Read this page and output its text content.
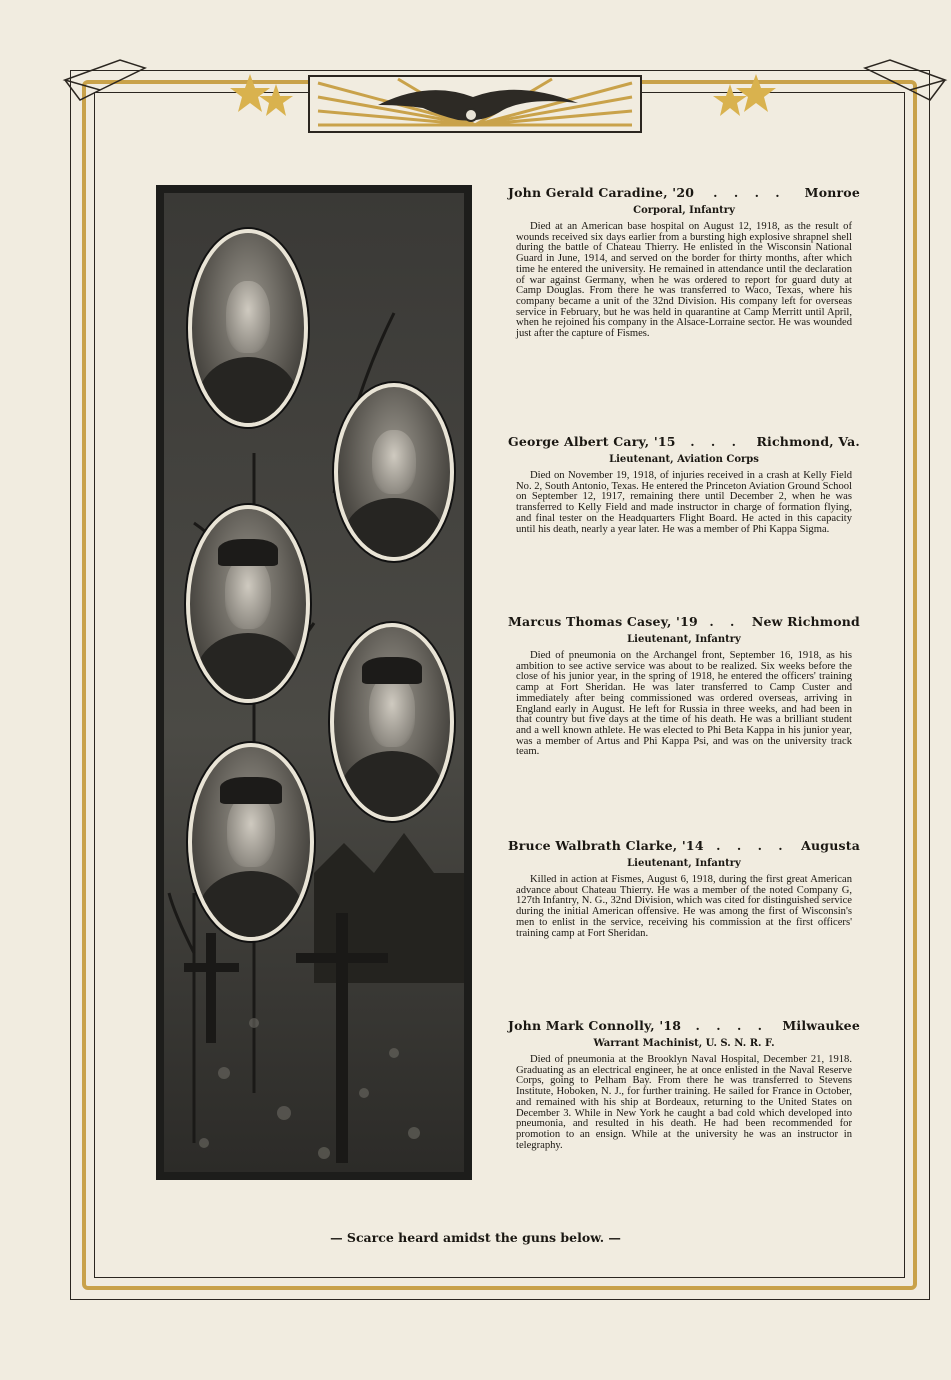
John Gerald Caradine, '20	. . . .	Monroe
Corporal, Infantry
Died at an American base hospital on August 12, 1918, as the result of wounds received six days earlier from a bursting high explosive shrapnel shell during the battle of Chateau Thierry. He enlisted in the Wisconsin National Guard in June, 1914, and served on the border for thirty months, after which time he entered the university. He remained in attendance until the declaration of war against Germany, when he was ordered to report for guard duty at Camp Douglas. From there he was transferred to Waco, Texas, where his company became a unit of the 32nd Division. His company left for overseas service in February, but he was held in quarantine at Camp Merritt until April, when he rejoined his company in the Alsace-Lorraine sector. He was wounded just after the capture of Fismes.
George Albert Cary, '15	. . .	Richmond, Va.
Lieutenant, Aviation Corps
Died on November 19, 1918, of injuries received in a crash at Kelly Field No. 2, South Antonio, Texas. He entered the Princeton Aviation Ground School on September 12, 1917, remaining there until December 2, when he was transferred to Kelly Field and made instructor in charge of formation flying, and final tester on the Headquarters Flight Board. He acted in this capacity until his death, nearly a year later. He was a member of Phi Kappa Sigma.
Marcus Thomas Casey, '19 . . New Richmond
Lieutenant, Infantry
Died of pneumonia on the Archangel front, September 16, 1918, as his ambition to see active service was about to be realized. Six weeks before the close of his junior year, in the spring of 1918, he entered the officers' training camp at Fort Sheridan. He was later transferred to Camp Custer and immediately after being commissioned was ordered overseas, arriving in England early in August. He left for Russia in three weeks, and had been in that country but five days at the time of his death. He was a brilliant student and a well known athlete. He was elected to Phi Beta Kappa in his junior year, was a member of Artus and Phi Kappa Psi, and was on the university track team.
Bruce Walbrath Clarke, '14 . . . . Augusta
Lieutenant, Infantry
Killed in action at Fismes, August 6, 1918, during the first great American advance about Chateau Thierry. He was a member of the noted Company G, 127th Infantry, N. G., 32nd Division, which was cited for distinguished service during the initial American offensive. He was among the first of Wisconsin's men to enlist in the service, receiving his commission at the first officers' training camp at Fort Sheridan.
John Mark Connolly, '18	. . . .	Milwaukee
Warrant Machinist, U. S. N. R. F.
Died of pneumonia at the Brooklyn Naval Hospital, December 21, 1918. Graduating as an electrical engineer, he at once enlisted in the Naval Reserve Corps, going to Pelham Bay. From there he was transferred to Stevens Institute, Hoboken, N. J., for further training. He sailed for France in October, and remained with his ship at Bordeaux, returning to the United States on December 3. While in New York he caught a bad cold which developed into pneumonia, and resulted in his death. He had been recommended for promotion to an ensign. While at the university he was an instructor in telegraphy.
— Scarce heard amidst the guns below. —
